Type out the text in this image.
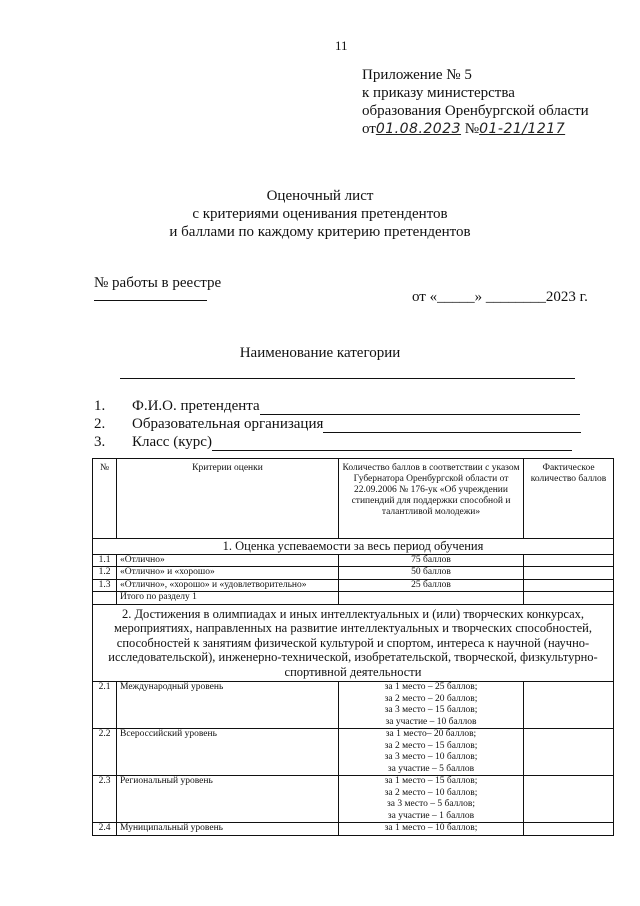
11
Приложение № 5
к приказу министерства
образования Оренбургской области
от01.08.2023 №01-21/1217
Оценочный лист
с критериями оценивания претендентов
и баллами по каждому критерию претендентов
№ работы в реестре
от «_____» ________2023 г.
Наименование категории
1. Ф.И.О. претендента
2. Образовательная организация
3. Класс (курс)
№	Критерии оценки	Количество баллов в соответствии с указом Губернатора Оренбургской области от 22.09.2006 № 176-ук «Об учреждении стипендий для поддержки способной и талантливой молодежи»	Фактическое количество баллов
1. Оценка успеваемости за весь период обучения			
1.1	«Отлично»	75 баллов	
1.2	«Отлично» и «хорошо»	50 баллов	
1.3	«Отлично», «хорошо» и «удовлетворительно»	25 баллов	
	Итого по разделу 1		
2. Достижения в олимпиадах и иных интеллектуальных и (или) творческих конкурсах, мероприятиях, направленных на развитие интеллектуальных и творческих способностей, способностей к занятиям физической культурой и спортом, интереса к научной (научно-исследовательской), инженерно-технической, изобретательской, творческой, физкультурно-спортивной деятельности			
2.1	Международный уровень	за 1 место – 25 баллов;
за 2 место – 20 баллов;
за 3 место – 15 баллов;
за участие – 10 баллов	

2.2	Всероссийский уровень	за 1 место– 20 баллов;
за 2 место – 15 баллов;
за 3 место – 10 баллов;
за участие – 5 баллов	

2.3	Региональный уровень	за 1 место – 15 баллов;
за 2 место – 10 баллов;
за 3 место – 5 баллов;
за участие – 1 баллов	

2.4	Муниципальный уровень	за 1 место – 10 баллов;	
